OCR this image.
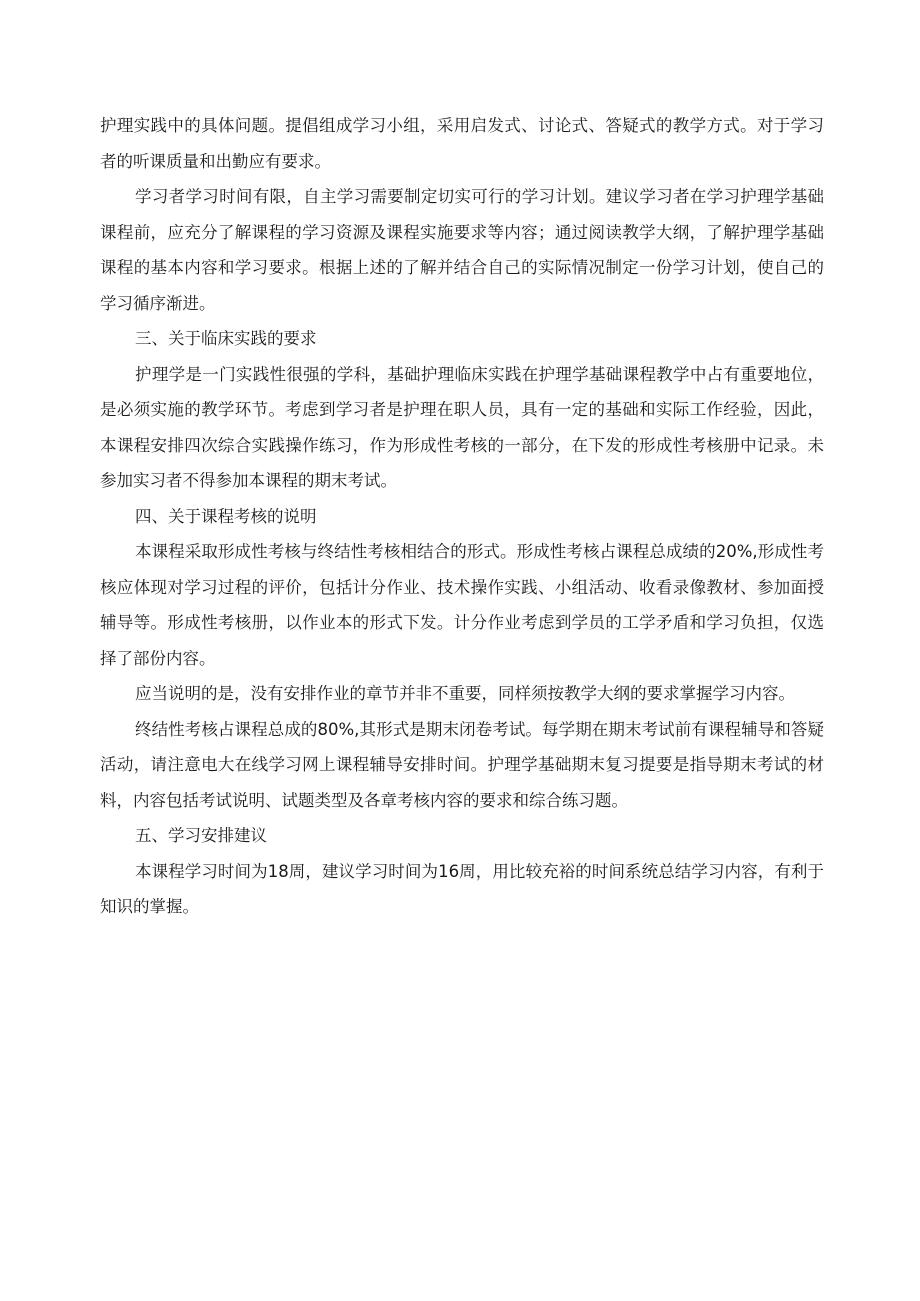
护理实践中的具体问题。提倡组成学习小组，采用启发式、讨论式、答疑式的教学方式。对于学习者的听课质量和出勤应有要求。

学习者学习时间有限，自主学习需要制定切实可行的学习计划。建议学习者在学习护理学基础课程前，应充分了解课程的学习资源及课程实施要求等内容；通过阅读教学大纲，了解护理学基础课程的基本内容和学习要求。根据上述的了解并结合自己的实际情况制定一份学习计划，使自己的学习循序渐进。

三、关于临床实践的要求

护理学是一门实践性很强的学科，基础护理临床实践在护理学基础课程教学中占有重要地位，是必须实施的教学环节。考虑到学习者是护理在职人员，具有一定的基础和实际工作经验，因此，本课程安排四次综合实践操作练习，作为形成性考核的一部分，在下发的形成性考核册中记录。未参加实习者不得参加本课程的期末考试。

四、关于课程考核的说明

本课程采取形成性考核与终结性考核相结合的形式。形成性考核占课程总成绩的20%,形成性考核应体现对学习过程的评价，包括计分作业、技术操作实践、小组活动、收看录像教材、参加面授辅导等。形成性考核册，以作业本的形式下发。计分作业考虑到学员的工学矛盾和学习负担，仅选择了部份内容。

应当说明的是，没有安排作业的章节并非不重要，同样须按教学大纲的要求掌握学习内容。

终结性考核占课程总成的80%,其形式是期末闭卷考试。每学期在期末考试前有课程辅导和答疑活动，请注意电大在线学习网上课程辅导安排时间。护理学基础期末复习提要是指导期末考试的材料，内容包括考试说明、试题类型及各章考核内容的要求和综合练习题。

五、学习安排建议

本课程学习时间为18周，建议学习时间为16周，用比较充裕的时间系统总结学习内容，有利于知识的掌握。
